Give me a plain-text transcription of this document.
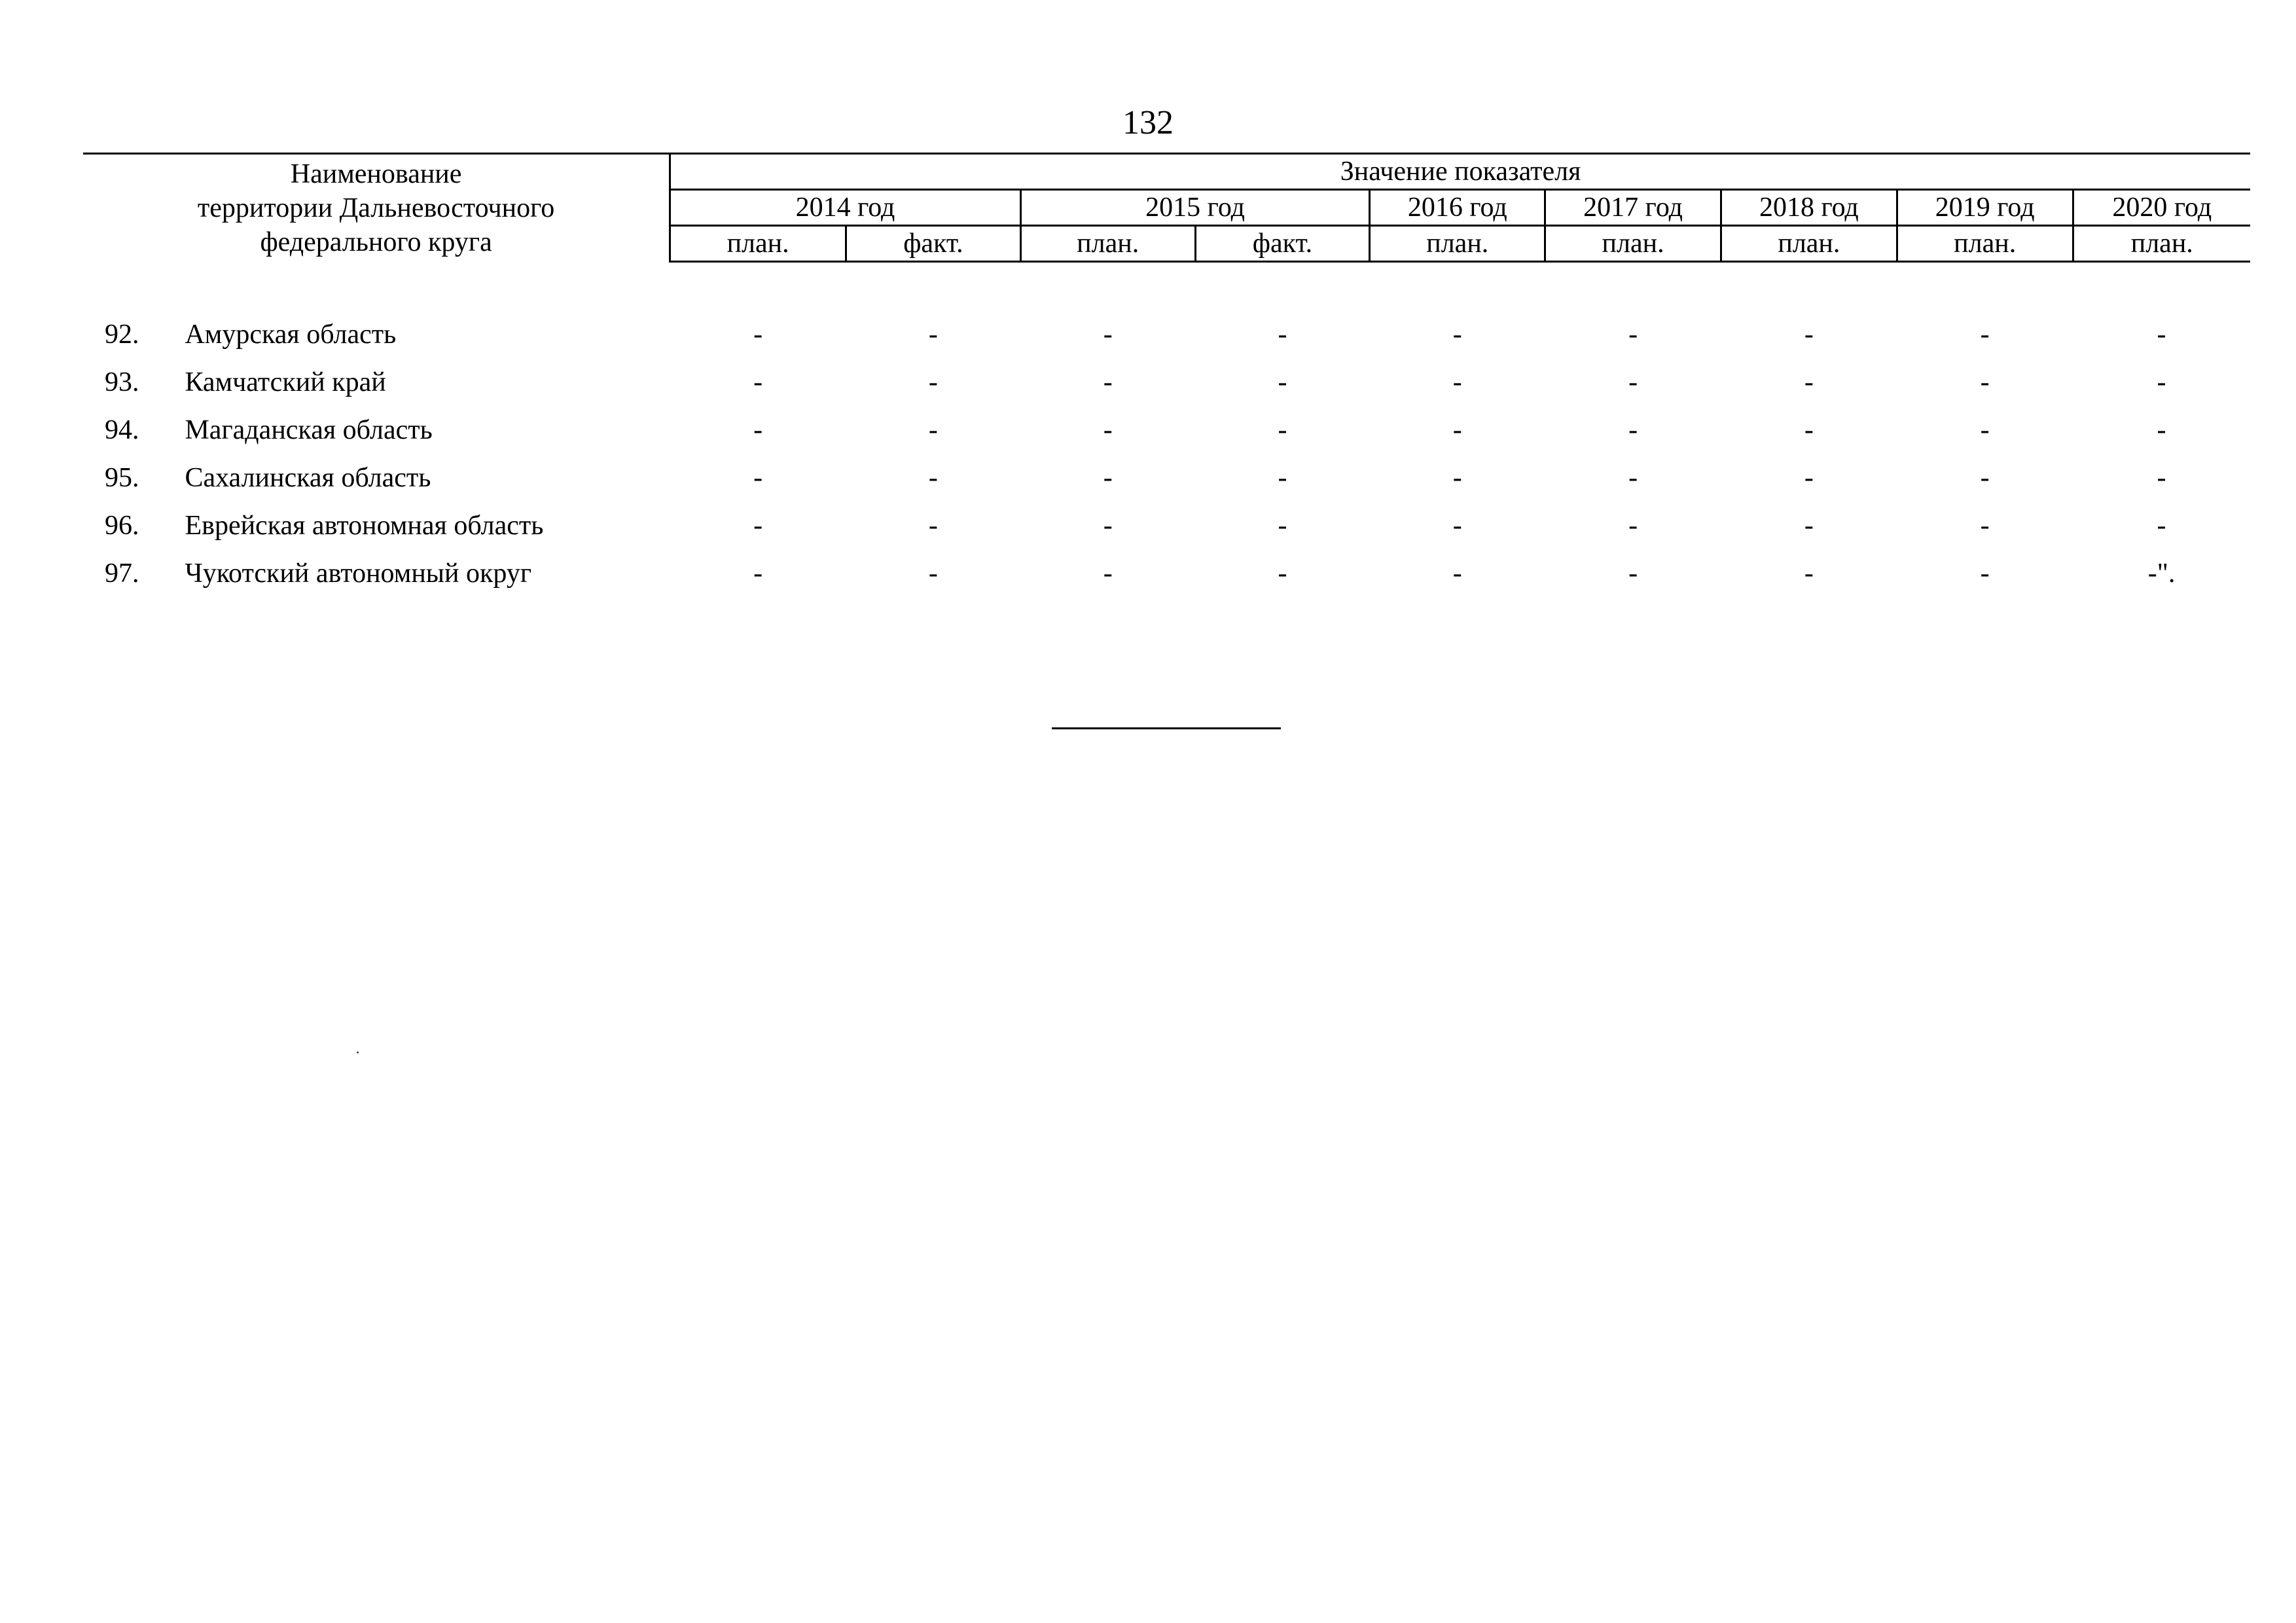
132
Наименование
территории Дальневосточного
федерального круга		Значение показателя								
		2014 год		2015 год		2016 год	2017 год	2018 год	2019 год	2020 год
		план.	факт.	план.	факт.	план.	план.	план.	план.	план.

92.	Амурская область	-	-	-	-	-	-	-	-	-
93.	Камчатский край	-	-	-	-	-	-	-	-	-
94.	Магаданская область	-	-	-	-	-	-	-	-	-
95.	Сахалинская область	-	-	-	-	-	-	-	-	-
96.	Еврейская автономная область	-	-	-	-	-	-	-	-	-
97.	Чукотский автономный округ	-	-	-	-	-	-	-	-	-".
